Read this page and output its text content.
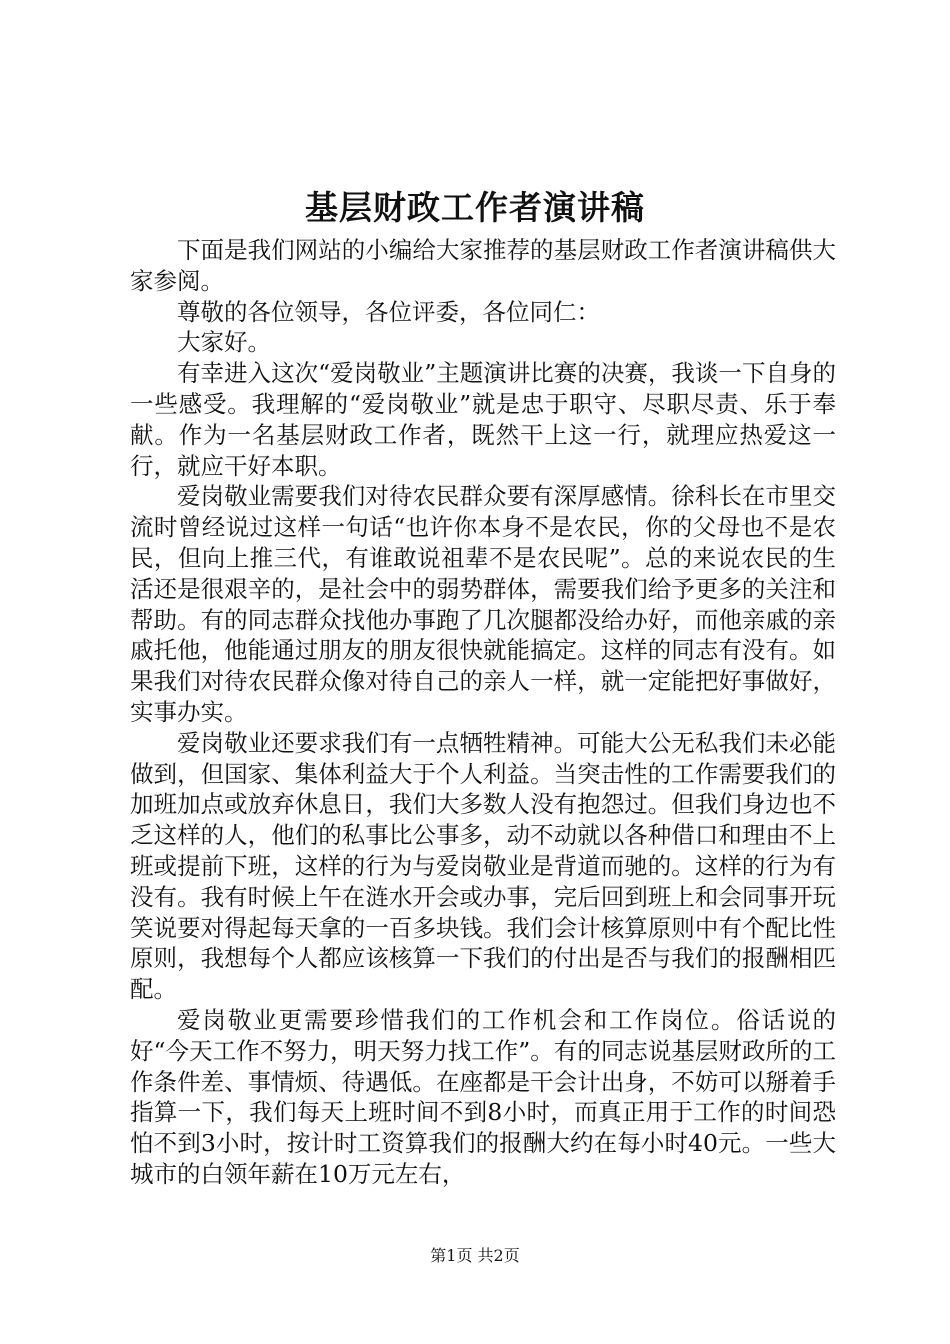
基层财政工作者演讲稿

下面是我们网站的小编给大家推荐的基层财政工作者演讲稿供大家参阅。

尊敬的各位领导，各位评委，各位同仁：

大家好。

有幸进入这次“爱岗敬业”主题演讲比赛的决赛，我谈一下自身的一些感受。我理解的“爱岗敬业”就是忠于职守、尽职尽责、乐于奉献。作为一名基层财政工作者，既然干上这一行，就理应热爱这一行，就应干好本职。

爱岗敬业需要我们对待农民群众要有深厚感情。徐科长在市里交流时曾经说过这样一句话“也许你本身不是农民，你的父母也不是农民，但向上推三代，有谁敢说祖辈不是农民呢”。总的来说农民的生活还是很艰辛的，是社会中的弱势群体，需要我们给予更多的关注和帮助。有的同志群众找他办事跑了几次腿都没给办好，而他亲戚的亲戚托他，他能通过朋友的朋友很快就能搞定。这样的同志有没有。如果我们对待农民群众像对待自己的亲人一样，就一定能把好事做好，实事办实。

爱岗敬业还要求我们有一点牺牲精神。可能大公无私我们未必能做到，但国家、集体利益大于个人利益。当突击性的工作需要我们的加班加点或放弃休息日，我们大多数人没有抱怨过。但我们身边也不乏这样的人，他们的私事比公事多，动不动就以各种借口和理由不上班或提前下班，这样的行为与爱岗敬业是背道而驰的。这样的行为有没有。我有时候上午在涟水开会或办事，完后回到班上和会同事开玩笑说要对得起每天拿的一百多块钱。我们会计核算原则中有个配比性原则，我想每个人都应该核算一下我们的付出是否与我们的报酬相匹配。

爱岗敬业更需要珍惜我们的工作机会和工作岗位。俗话说的好“今天工作不努力，明天努力找工作”。有的同志说基层财政所的工作条件差、事情烦、待遇低。在座都是干会计出身，不妨可以掰着手指算一下，我们每天上班时间不到8小时，而真正用于工作的时间恐怕不到3小时，按计时工资算我们的报酬大约在每小时40元。一些大城市的白领年薪在10万元左右，

第1页 共2页
